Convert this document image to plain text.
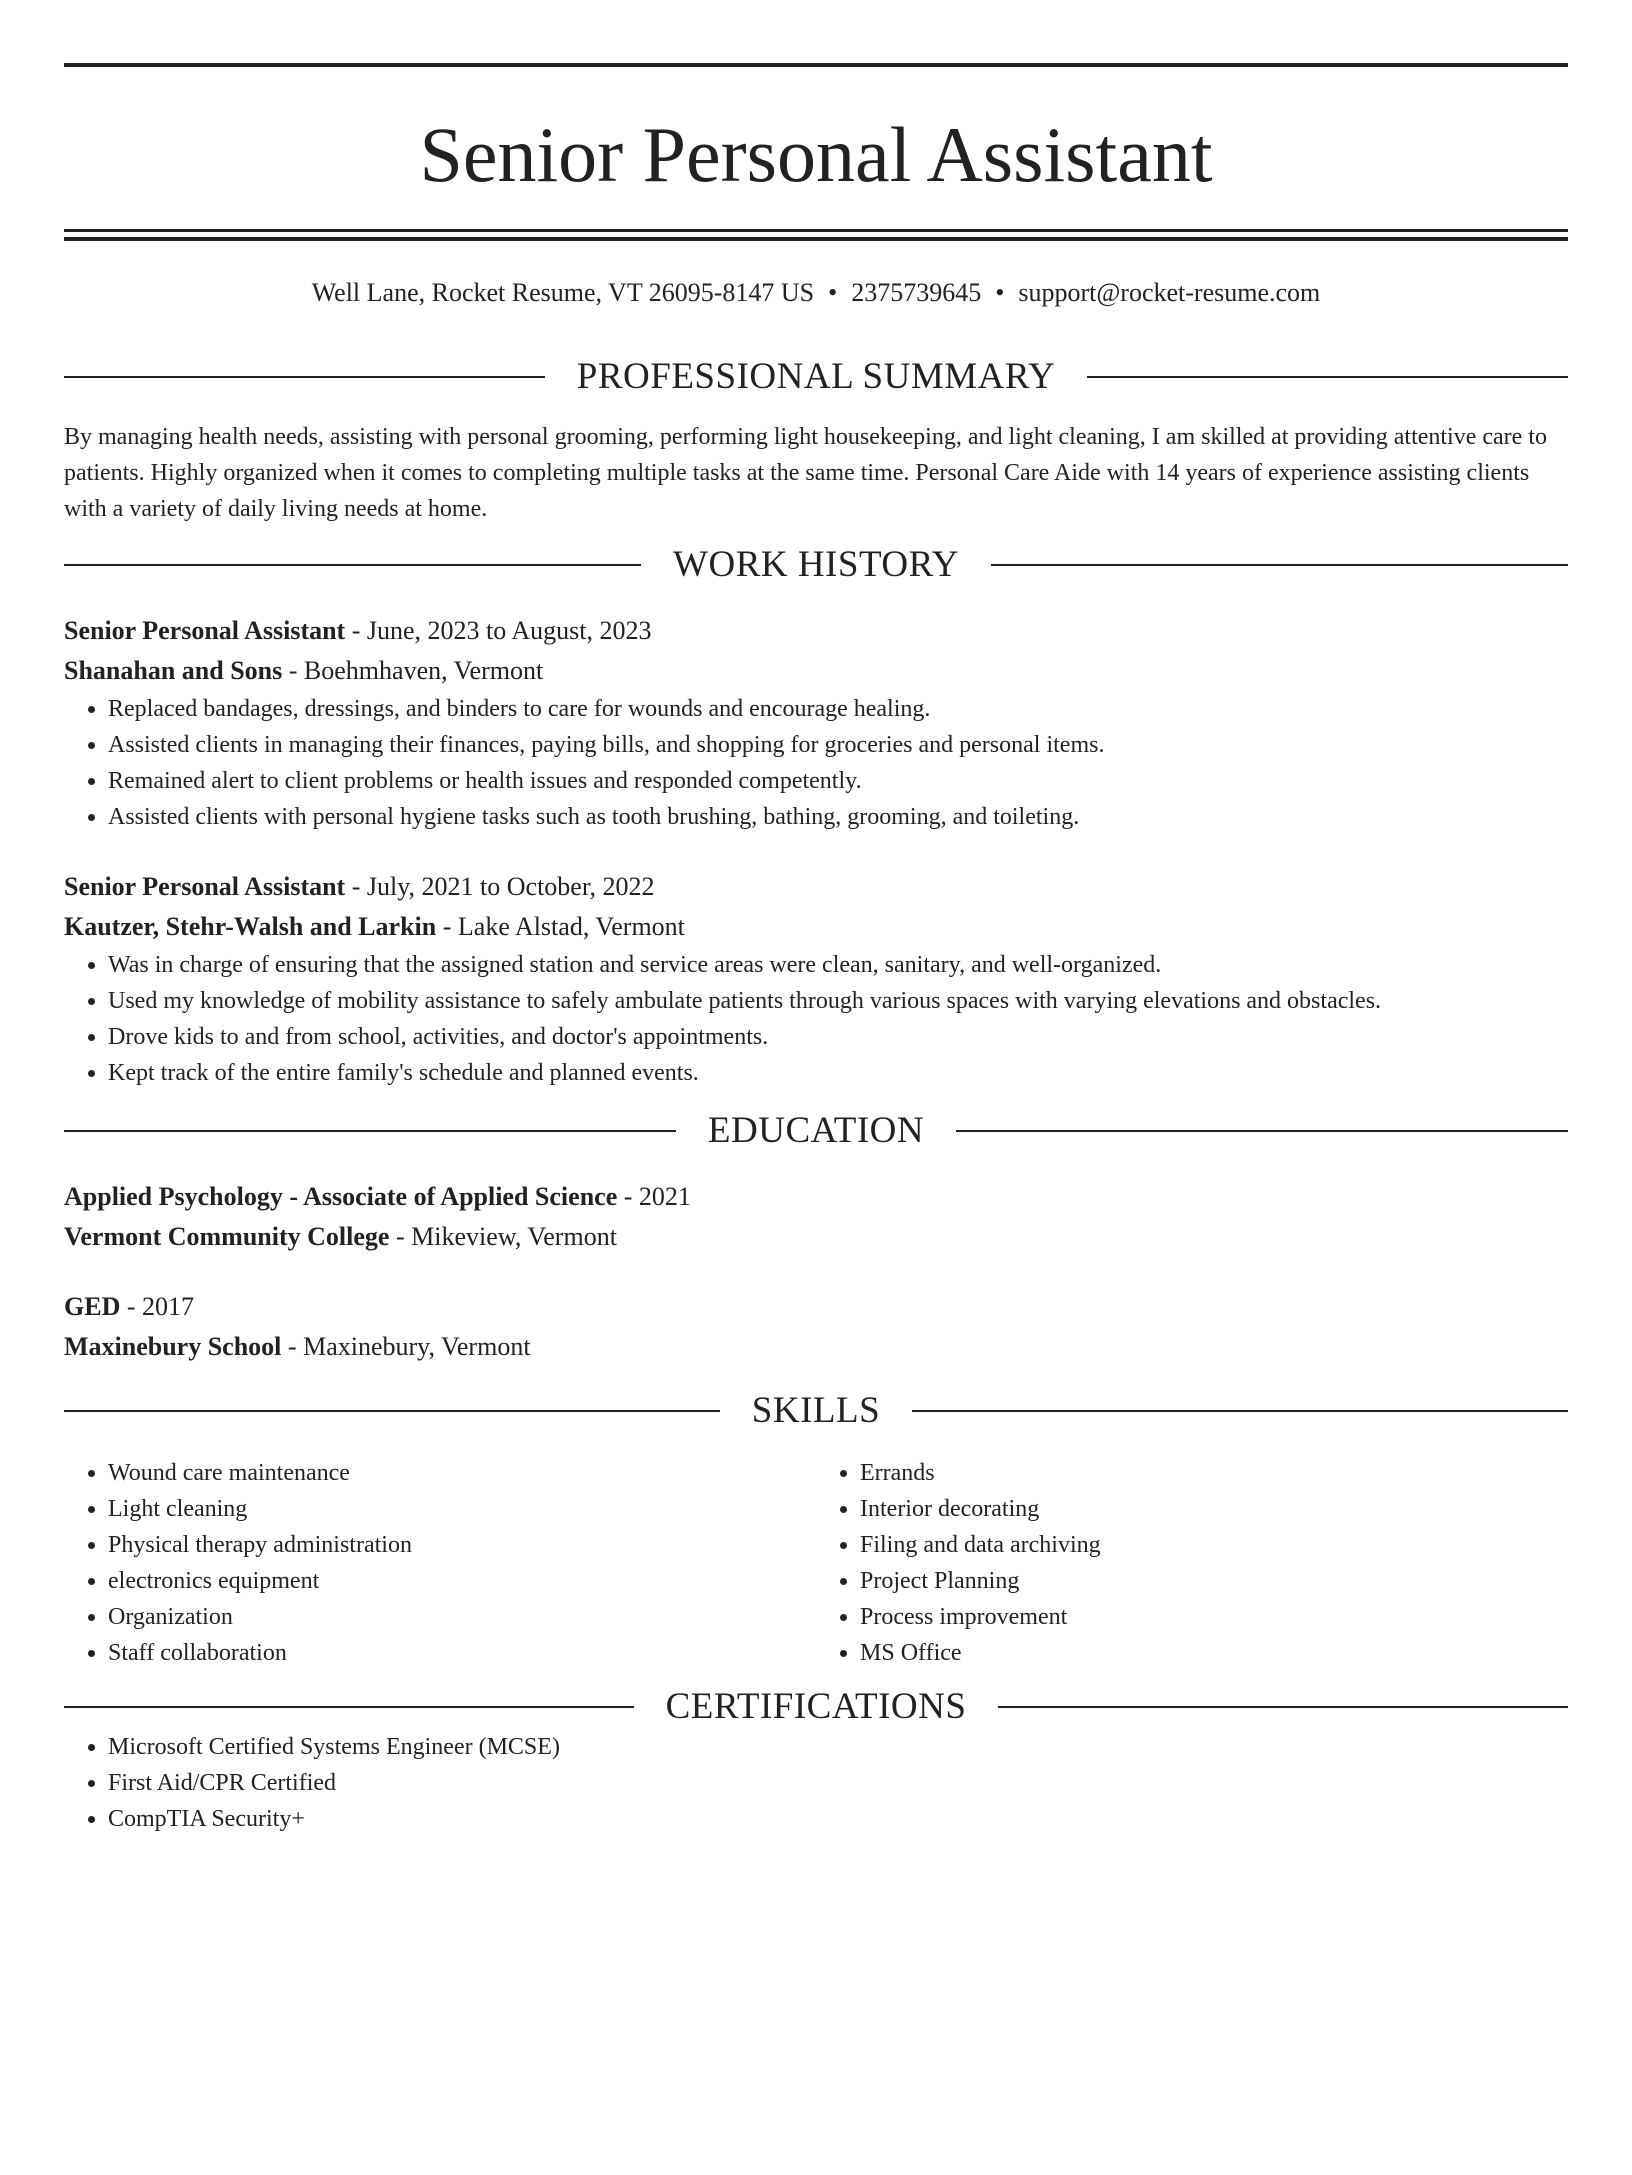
Senior Personal Assistant
Well Lane, Rocket Resume, VT 26095-8147 US • 2375739645 • support@rocket-resume.com
PROFESSIONAL SUMMARY

By managing health needs, assisting with personal grooming, performing light housekeeping, and light cleaning, I am skilled at providing attentive care to patients. Highly organized when it comes to completing multiple tasks at the same time. Personal Care Aide with 14 years of experience assisting clients with a variety of daily living needs at home.

WORK HISTORY
Senior Personal Assistant - June, 2023 to August, 2023
Shanahan and Sons - Boehmhaven, Vermont
• Replaced bandages, dressings, and binders to care for wounds and encourage healing.
• Assisted clients in managing their finances, paying bills, and shopping for groceries and personal items.
• Remained alert to client problems or health issues and responded competently.
• Assisted clients with personal hygiene tasks such as tooth brushing, bathing, grooming, and toileting.
Senior Personal Assistant - July, 2021 to October, 2022
Kautzer, Stehr-Walsh and Larkin - Lake Alstad, Vermont
• Was in charge of ensuring that the assigned station and service areas were clean, sanitary, and well-organized.
• Used my knowledge of mobility assistance to safely ambulate patients through various spaces with varying elevations and obstacles.
• Drove kids to and from school, activities, and doctor's appointments.
• Kept track of the entire family's schedule and planned events.
EDUCATION
Applied Psychology - Associate of Applied Science - 2021
Vermont Community College - Mikeview, Vermont
GED - 2017
Maxinebury School - Maxinebury, Vermont
SKILLS
• Wound care maintenance
• Light cleaning
• Physical therapy administration
• electronics equipment
• Organization
• Staff collaboration
• Errands
• Interior decorating
• Filing and data archiving
• Project Planning
• Process improvement
• MS Office
CERTIFICATIONS
• Microsoft Certified Systems Engineer (MCSE)
• First Aid/CPR Certified
• CompTIA Security+
